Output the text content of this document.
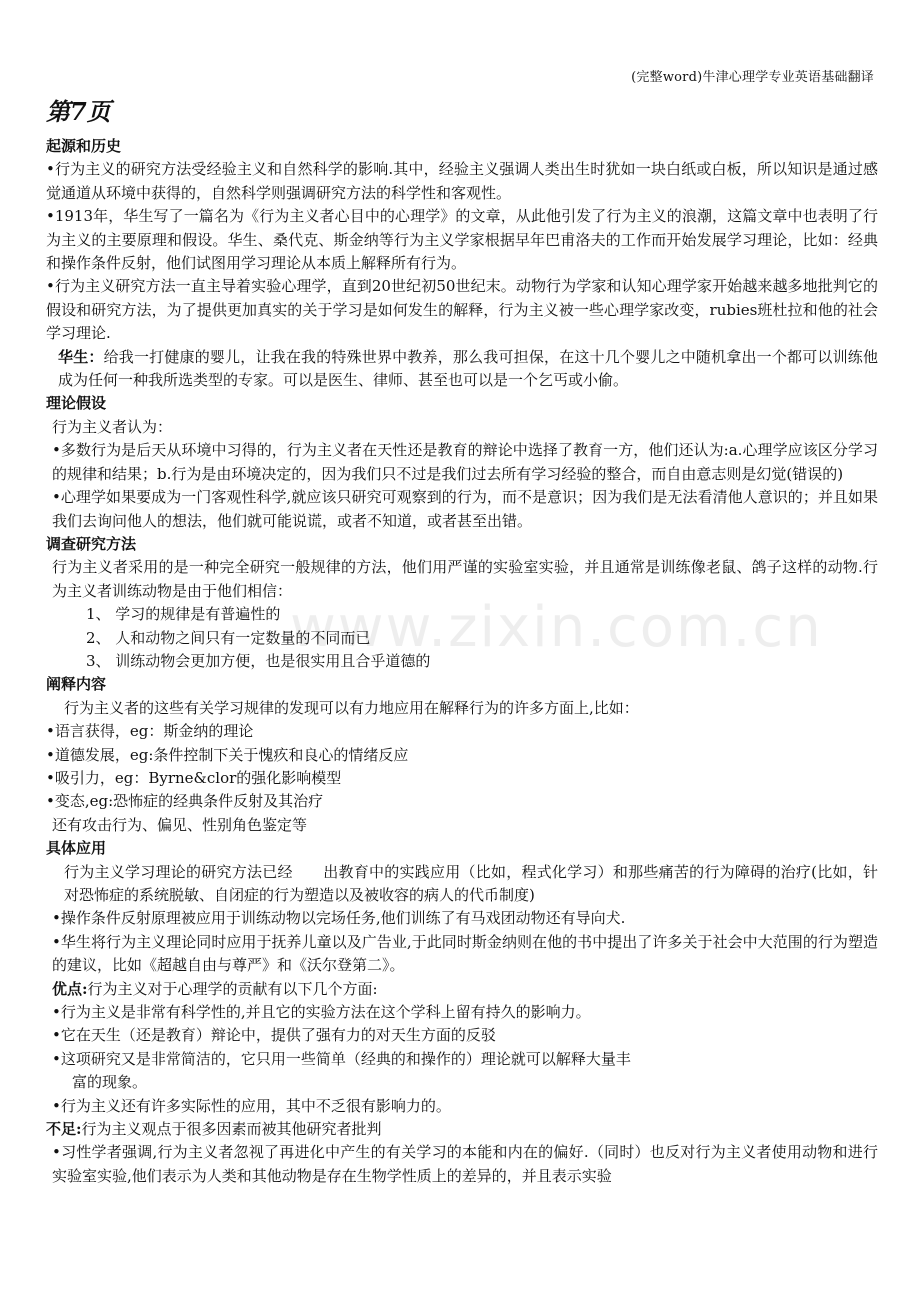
(完整word)牛津心理学专业英语基础翻译
第7页
www.zixin.com.cn

起源和历史

•行为主义的研究方法受经验主义和自然科学的影响.其中，经验主义强调人类出生时犹如一块白纸或白板，所以知识是通过感觉通道从环境中获得的，自然科学则强调研究方法的科学性和客观性。

•1913年，华生写了一篇名为《行为主义者心目中的心理学》的文章，从此他引发了行为主义的浪潮，这篇文章中也表明了行为主义的主要原理和假设。华生、桑代克、斯金纳等行为主义学家根据早年巴甫洛夫的工作而开始发展学习理论，比如：经典和操作条件反射，他们试图用学习理论从本质上解释所有行为。

•行为主义研究方法一直主导着实验心理学，直到20世纪初50世纪末。动物行为学家和认知心理学家开始越来越多地批判它的假设和研究方法，为了提供更加真实的关于学习是如何发生的解释，行为主义被一些心理学家改变，rubies班杜拉和他的社会学习理论.

华生：给我一打健康的婴儿，让我在我的特殊世界中教养，那么我可担保，在这十几个婴儿之中随机拿出一个都可以训练他成为任何一种我所选类型的专家。可以是医生、律师、甚至也可以是一个乞丐或小偷。

理论假设

行为主义者认为：

•多数行为是后天从环境中习得的，行为主义者在天性还是教育的辩论中选择了教育一方，他们还认为:a.心理学应该区分学习的规律和结果；b.行为是由环境决定的，因为我们只不过是我们过去所有学习经验的整合，而自由意志则是幻觉(错误的)

•心理学如果要成为一门客观性科学,就应该只研究可观察到的行为，而不是意识；因为我们是无法看清他人意识的；并且如果我们去询问他人的想法，他们就可能说谎，或者不知道，或者甚至出错。

调查研究方法

行为主义者采用的是一种完全研究一般规律的方法，他们用严谨的实验室实验，并且通常是训练像老鼠、鸽子这样的动物.行为主义者训练动物是由于他们相信：

1、 学习的规律是有普遍性的

2、 人和动物之间只有一定数量的不同而已

3、 训练动物会更加方便，也是很实用且合乎道德的

阐释内容

行为主义者的这些有关学习规律的发现可以有力地应用在解释行为的许多方面上,比如：

•语言获得，eg：斯金纳的理论

•道德发展，eg:条件控制下关于愧疚和良心的情绪反应

•吸引力，eg：Byrne&clor的强化影响模型

•变态,eg:恐怖症的经典条件反射及其治疗

还有攻击行为、偏见、性别角色鉴定等

具体应用

行为主义学习理论的研究方法已经　　出教育中的实践应用（比如，程式化学习）和那些痛苦的行为障碍的治疗(比如，针对恐怖症的系统脱敏、自闭症的行为塑造以及被收容的病人的代币制度)

•操作条件反射原理被应用于训练动物以完场任务,他们训练了有马戏团动物还有导向犬.

•华生将行为主义理论同时应用于抚养儿童以及广告业,于此同时斯金纳则在他的书中提出了许多关于社会中大范围的行为塑造的建议，比如《超越自由与尊严》和《沃尔登第二》。

优点:行为主义对于心理学的贡献有以下几个方面:

•行为主义是非常有科学性的,并且它的实验方法在这个学科上留有持久的影响力。

•它在天生（还是教育）辩论中，提供了强有力的对天生方面的反驳

•这项研究又是非常简洁的，它只用一些简单（经典的和操作的）理论就可以解释大量丰

富的现象。

•行为主义还有许多实际性的应用，其中不乏很有影响力的。

不足:行为主义观点于很多因素而被其他研究者批判

•习性学者强调,行为主义者忽视了再进化中产生的有关学习的本能和内在的偏好.（同时）也反对行为主义者使用动物和进行实验室实验,他们表示为人类和其他动物是存在生物学性质上的差异的，并且表示实验
